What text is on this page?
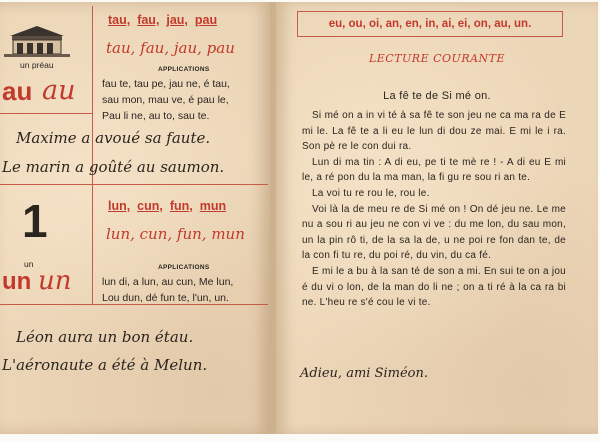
un préau
au au
tau, fau, jau, pau
tau, fau, jau, pau
APPLICATIONS
fau te, tau pe, jau ne, é tau,
sau mon, mau ve, é pau le,
Pau li ne, au to, sau te.
Maxime a avoué sa faute.
Le marin a goûté au saumon.
1
un
un un
lun, cun, fun, mun
lun, cun, fun, mun
APPLICATIONS
lun di, a lun, au cun, Me lun,
Lou dun, dé fun te, l'un, un.
Léon aura un bon étau.
L'aéronaute a été à Melun.
eu, ou, oi, an, en, in, ai, ei, on, au, un.
LECTURE COURANTE
La fê te de Si mé on.

Si mé on a in vi té à sa fê te son jeu ne ca ma ra de E mi le. La fê te a li eu le lun di dou ze mai. E mi le i ra. Son pè re le con dui ra.

Lun di ma tin : A di eu, pe ti te mè re ! - A di eu E mi le, a ré pon du la ma man, la fi gu re sou ri an te.

La voi tu re rou le, rou le.

Voi là la de meu re de Si mé on ! On dé jeu ne. Le me nu a sou ri au jeu ne con vi ve : du me lon, du sau mon, un la pin rô ti, de la sa la de, u ne poi re fon dan te, de la con fi tu re, du poi ré, du vin, du ca fé.

E mi le a bu à la san té de son a mi. En sui te on a jou é du vi o lon, de la man do li ne ; on a ti ré à la ca ra bi ne. L'heu re s'é cou le vi te.

Adieu, ami Siméon.
